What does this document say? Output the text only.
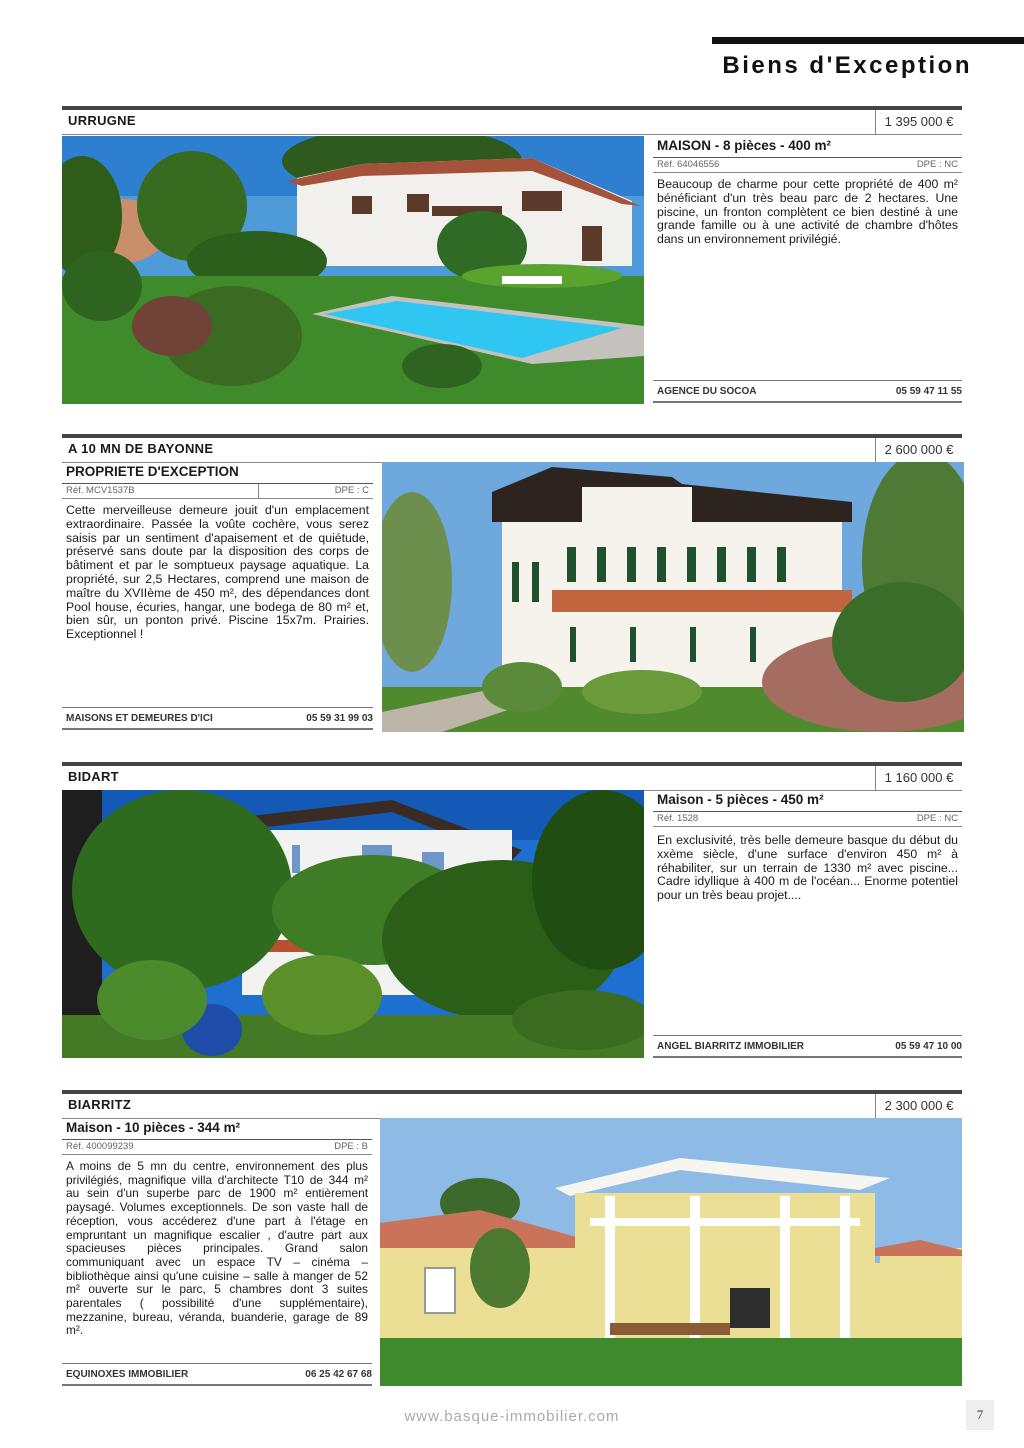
Biens d'Exception
URRUGNE	1 395 000 €
MAISON - 8 pièces - 400 m²
Réf. 64046556	DPE : NC
Beaucoup de charme pour cette propriété de 400 m² bénéficiant d'un très beau parc de 2 hectares. Une piscine, un fronton complètent ce bien destiné à une grande famille ou à une activité de chambre d'hôtes dans un environnement privilégié.
AGENCE DU SOCOA	05 59 47 11 55
A 10 MN DE BAYONNE	2 600 000 €
PROPRIETE D'EXCEPTION
Réf. MCV1537B	DPE : C
Cette merveilleuse demeure jouit d'un emplacement extraordinaire. Passée la voûte cochère, vous serez saisis par un sentiment d'apaisement et de quiétude, préservé sans doute par la disposition des corps de bâtiment et par le somptueux paysage aquatique. La propriété, sur 2,5 Hectares, comprend une maison de maître du XVIIème de 450 m², des dépendances dont Pool house, écuries, hangar, une bodega de 80 m² et, bien sûr, un ponton privé. Piscine 15x7m. Prairies. Exceptionnel !
MAISONS ET DEMEURES D'ICI	05 59 31 99 03
BIDART	1 160 000 €
Maison - 5 pièces - 450 m²
Réf. 1528	DPE : NC
En exclusivité, très belle demeure basque du début du xxème siècle, d'une surface d'environ 450 m² à réhabiliter, sur un terrain de 1330 m² avec piscine... Cadre idyllique à 400 m de l'océan... Enorme potentiel pour un très beau projet....
ANGEL BIARRITZ IMMOBILIER	05 59 47 10 00
BIARRITZ	2 300 000 €
Maison - 10 pièces - 344 m²
Réf. 400099239	DPE : B
A moins de 5 mn du centre, environnement des plus privilégiés, magnifique villa d'architecte T10 de 344 m² au sein d'un superbe parc de 1900 m² entièrement paysagé. Volumes exceptionnels. De son vaste hall de réception, vous accéderez d'une part à l'étage en empruntant un magnifique escalier , d'autre part aux spacieuses pièces principales. Grand salon communiquant avec un espace TV – cinéma – bibliothèque ainsi qu'une cuisine – salle à manger de 52 m² ouverte sur le parc, 5 chambres dont 3 suites parentales ( possibilité d'une supplémentaire), mezzanine, bureau, véranda, buanderie, garage de 89 m².
EQUINOXES IMMOBILIER	06 25 42 67 68
www.basque-immobilier.com	7
